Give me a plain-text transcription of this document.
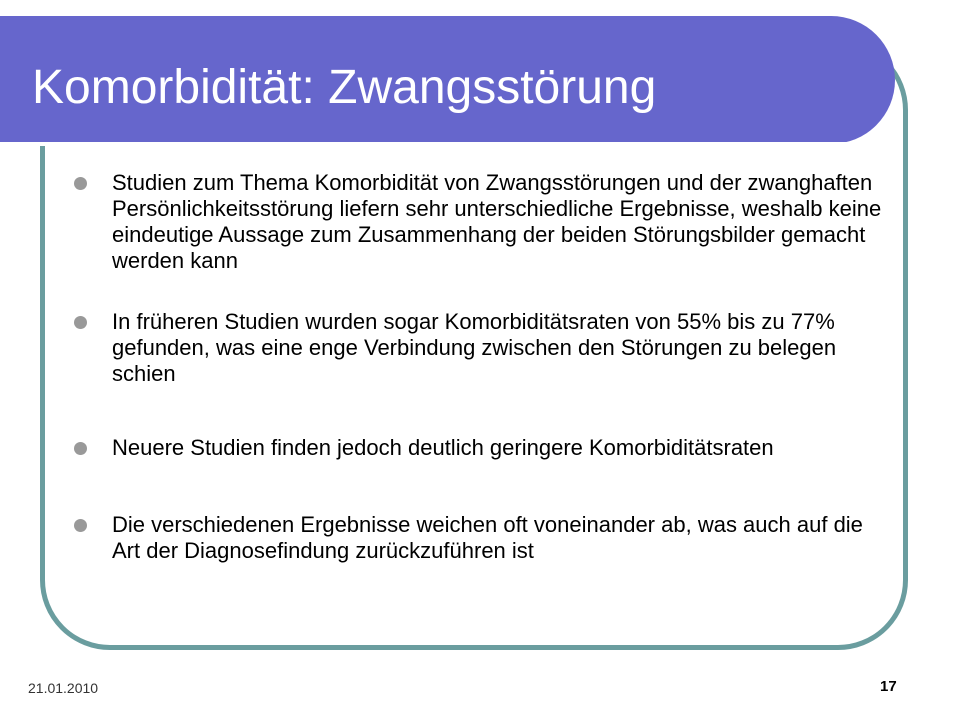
Komorbidität: Zwangsstörung
Studien zum Thema Komorbidität von Zwangsstörungen und der zwanghaften Persönlichkeitsstörung liefern sehr unterschiedliche Ergebnisse, weshalb keine eindeutige Aussage zum Zusammenhang der beiden Störungsbilder gemacht werden kann
In früheren Studien wurden sogar Komorbiditätsraten von 55% bis zu 77% gefunden, was eine enge Verbindung zwischen den Störungen zu belegen schien
Neuere Studien finden jedoch deutlich geringere Komorbiditätsraten
Die verschiedenen Ergebnisse weichen oft voneinander ab, was auch auf die Art der Diagnosefindung zurückzuführen ist
21.01.2010	17
